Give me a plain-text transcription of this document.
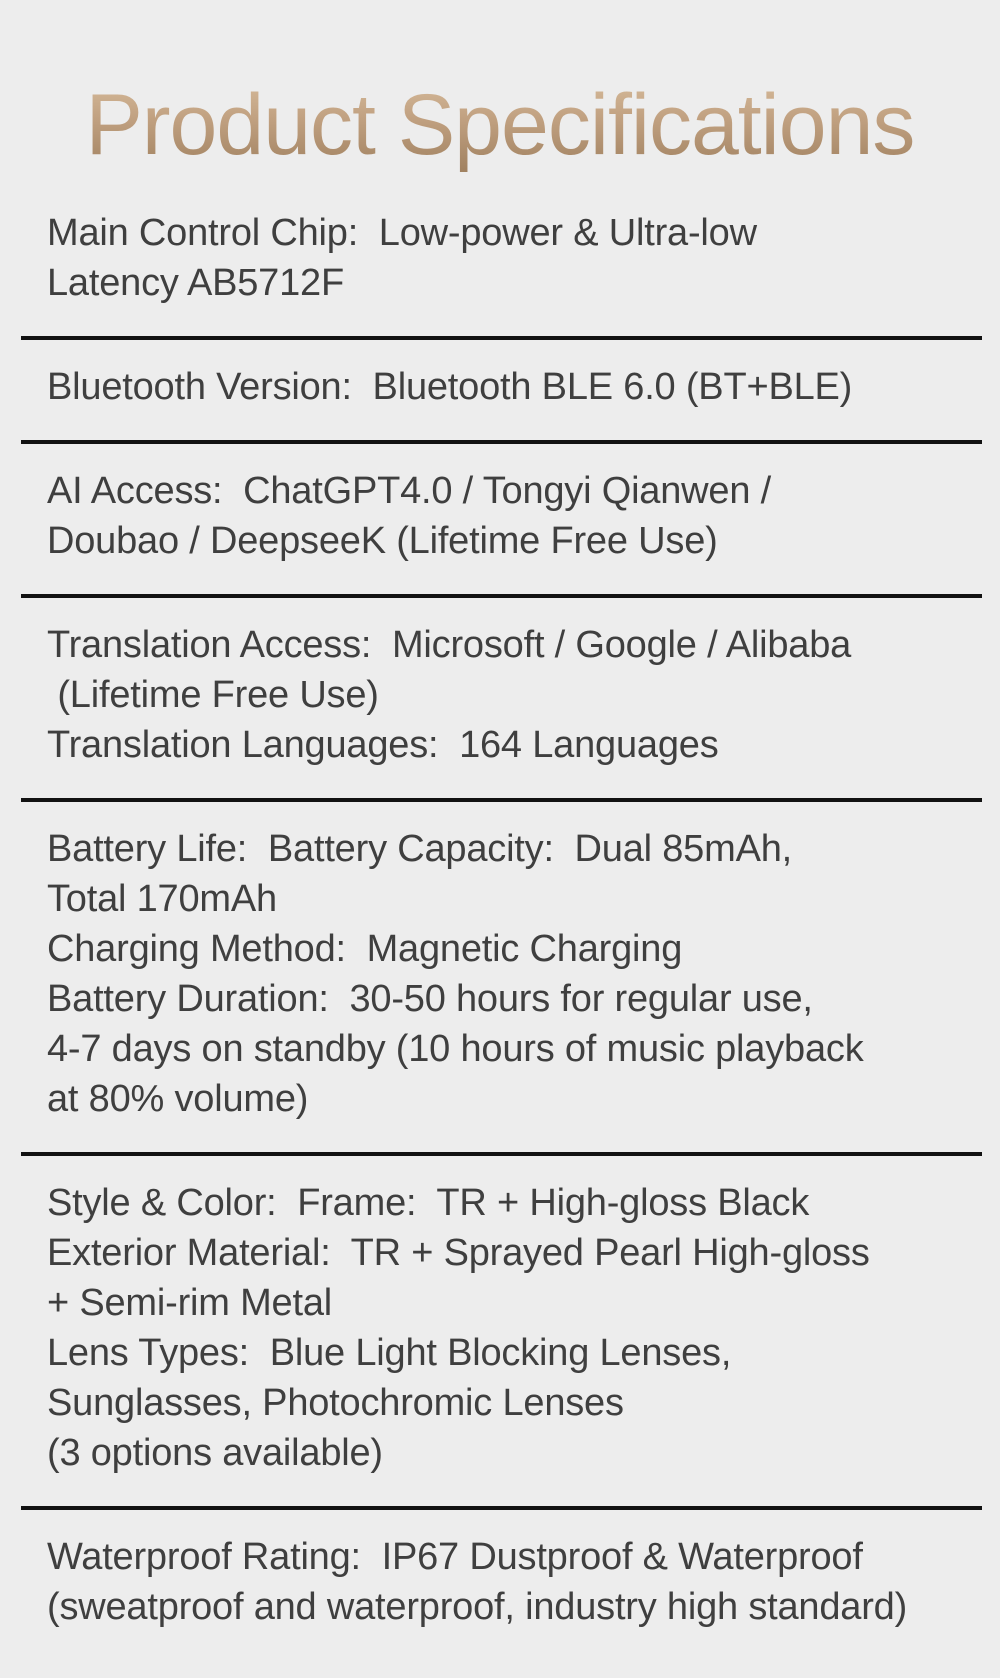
Product Specifications
Main Control Chip:  Low-power & Ultra-low
Latency AB5712F
Bluetooth Version:  Bluetooth BLE 6.0 (BT+BLE)
AI Access:  ChatGPT4.0 / Tongyi Qianwen /
Doubao / DeepseeK (Lifetime Free Use)
Translation Access:  Microsoft / Google / Alibaba
(Lifetime Free Use)
Translation Languages:  164 Languages
Battery Life:  Battery Capacity:  Dual 85mAh,
Total 170mAh
Charging Method:  Magnetic Charging
Battery Duration:  30-50 hours for regular use,
4-7 days on standby (10 hours of music playback
at 80% volume)
Style & Color:  Frame:  TR + High-gloss Black
Exterior Material:  TR + Sprayed Pearl High-gloss
+ Semi-rim Metal
Lens Types:  Blue Light Blocking Lenses,
Sunglasses, Photochromic Lenses
(3 options available)
Waterproof Rating:  IP67 Dustproof & Waterproof
(sweatproof and waterproof, industry high standard)
